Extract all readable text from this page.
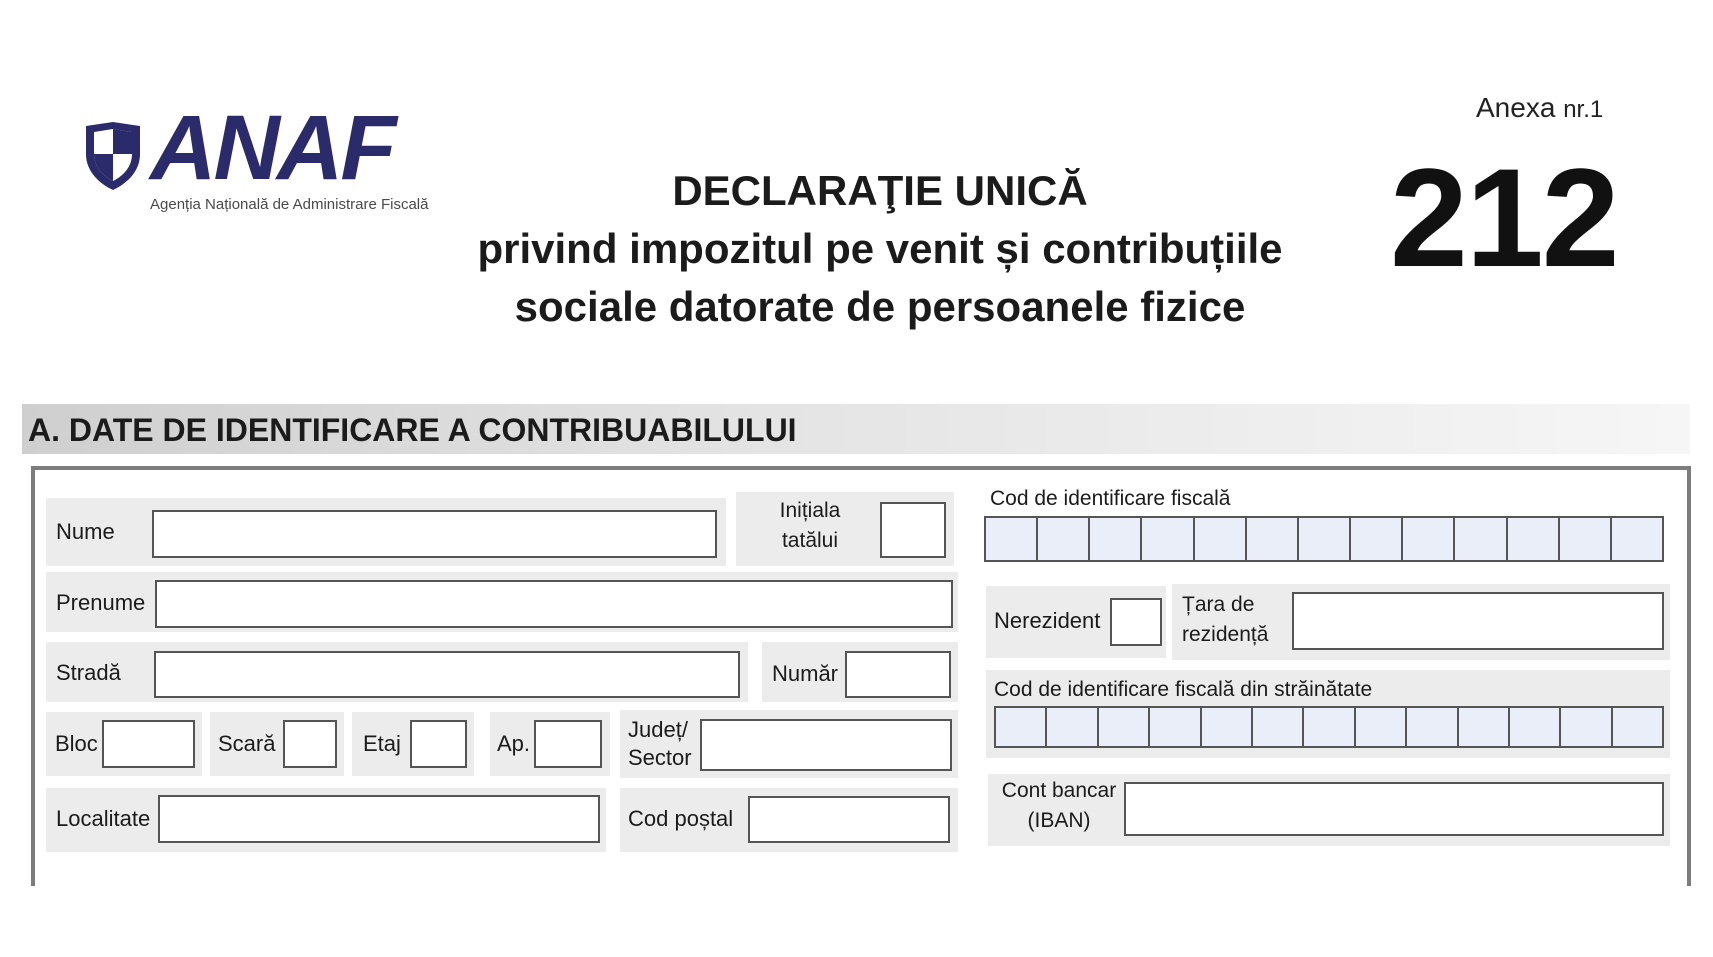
ANAF
Agenția Națională de Administrare Fiscală	DECLARAŢIE UNICĂ
privind impozitul pe venit și contribuțiile
sociale datorate de persoanele fizice
Anexa nr.1
212
A. DATE DE IDENTIFICARE A CONTRIBUABILULUI
Nume
Inițiala
tatălui
Prenume
Stradă	Număr
Bloc	Scară	Etaj	Ap.
Județ/
Sector
Localitate	Cod poștal
Cod de identificare fiscală
Nerezident
Țara de
rezidență
Cod de identificare fiscală din străinătate
Cont bancar
(IBAN)
